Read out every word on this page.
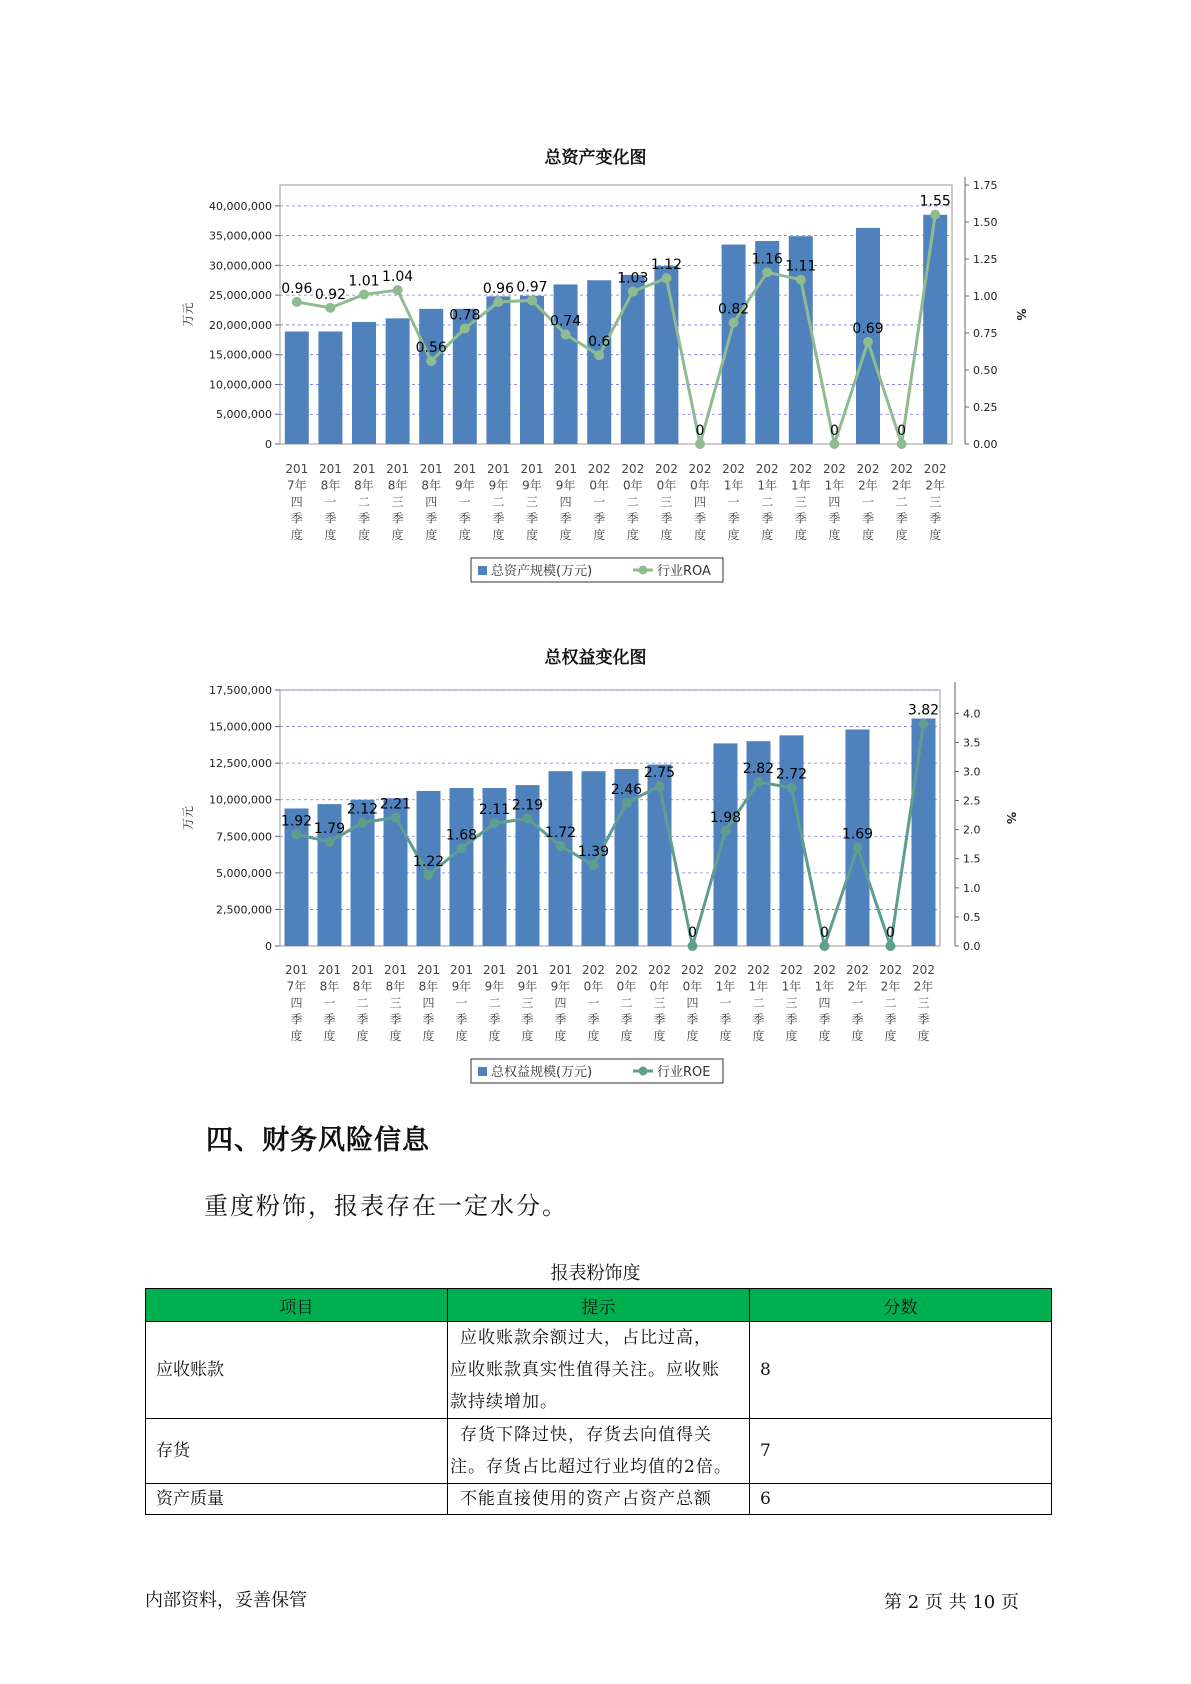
总资产变化图
0
5,000,000
10,000,000
15,000,000
20,000,000
25,000,000
30,000,000
35,000,000
40,000,000
0.00
0.25
0.50
0.75
1.00
1.25
1.50
1.75
万元	%
0.96 0.92
1.01 1.04
0.56
0.78
0.96 0.97
0.74
0.6
1.03
1.12
0
0.82
1.16 1.11
0
0.69
0
1.55
201
7年
四
季
度
201
8年
一
季
度
201
8年
二
季
度
201
8年
三
季
度
201
8年
四
季
度
201
9年
一
季
度
201
9年
二
季
度
201
9年
三
季
度
201
9年
四
季
度
202
0年
一
季
度
202
0年
二
季
度
202
0年
三
季
度
202
0年
四
季
度
202
1年
一
季
度
202
1年
二
季
度
202
1年
三
季
度
202
1年
四
季
度
202
2年
一
季
度
202
2年
二
季
度
202
2年
三
季
度
总资产规模(万元)	行业ROA
总权益变化图
0
2,500,000
5,000,000
7,500,000
10,000,000
12,500,000
15,000,000
17,500,000
0.0
0.5
1.0
1.5
2.0
2.5
3.0
3.5
4.0
万元	%
1.92 1.79
2.12 2.21
1.22
1.68
2.11 2.19
1.72
1.39
2.46
2.75
0
1.98
2.82 2.72
0
1.69
0
3.82
201
7年
四
季
度
201
8年
一
季
度
201
8年
二
季
度
201
8年
三
季
度
201
8年
四
季
度
201
9年
一
季
度
201
9年
二
季
度
201
9年
三
季
度
201
9年
四
季
度
202
0年
一
季
度
202
0年
二
季
度
202
0年
三
季
度
202
0年
四
季
度
202
1年
一
季
度
202
1年
二
季
度
202
1年
三
季
度
202
1年
四
季
度
202
2年
一
季
度
202
2年
二
季
度
202
2年
三
季
度
总权益规模(万元)	行业ROE
四、财务风险信息
重度粉饰，报表存在一定水分。
报表粉饰度
项目	提示	分数
应收账款	应收账款余额过大，占比过高，
应收账款真实性值得关注。应收账
款持续增加。	8
存货	存货下降过快，存货去向值得关
注。存货占比超过行业均值的2倍。	7
资产质量	不能直接使用的资产占资产总额	6
内部资料，妥善保管	第 2 页 共 10 页
